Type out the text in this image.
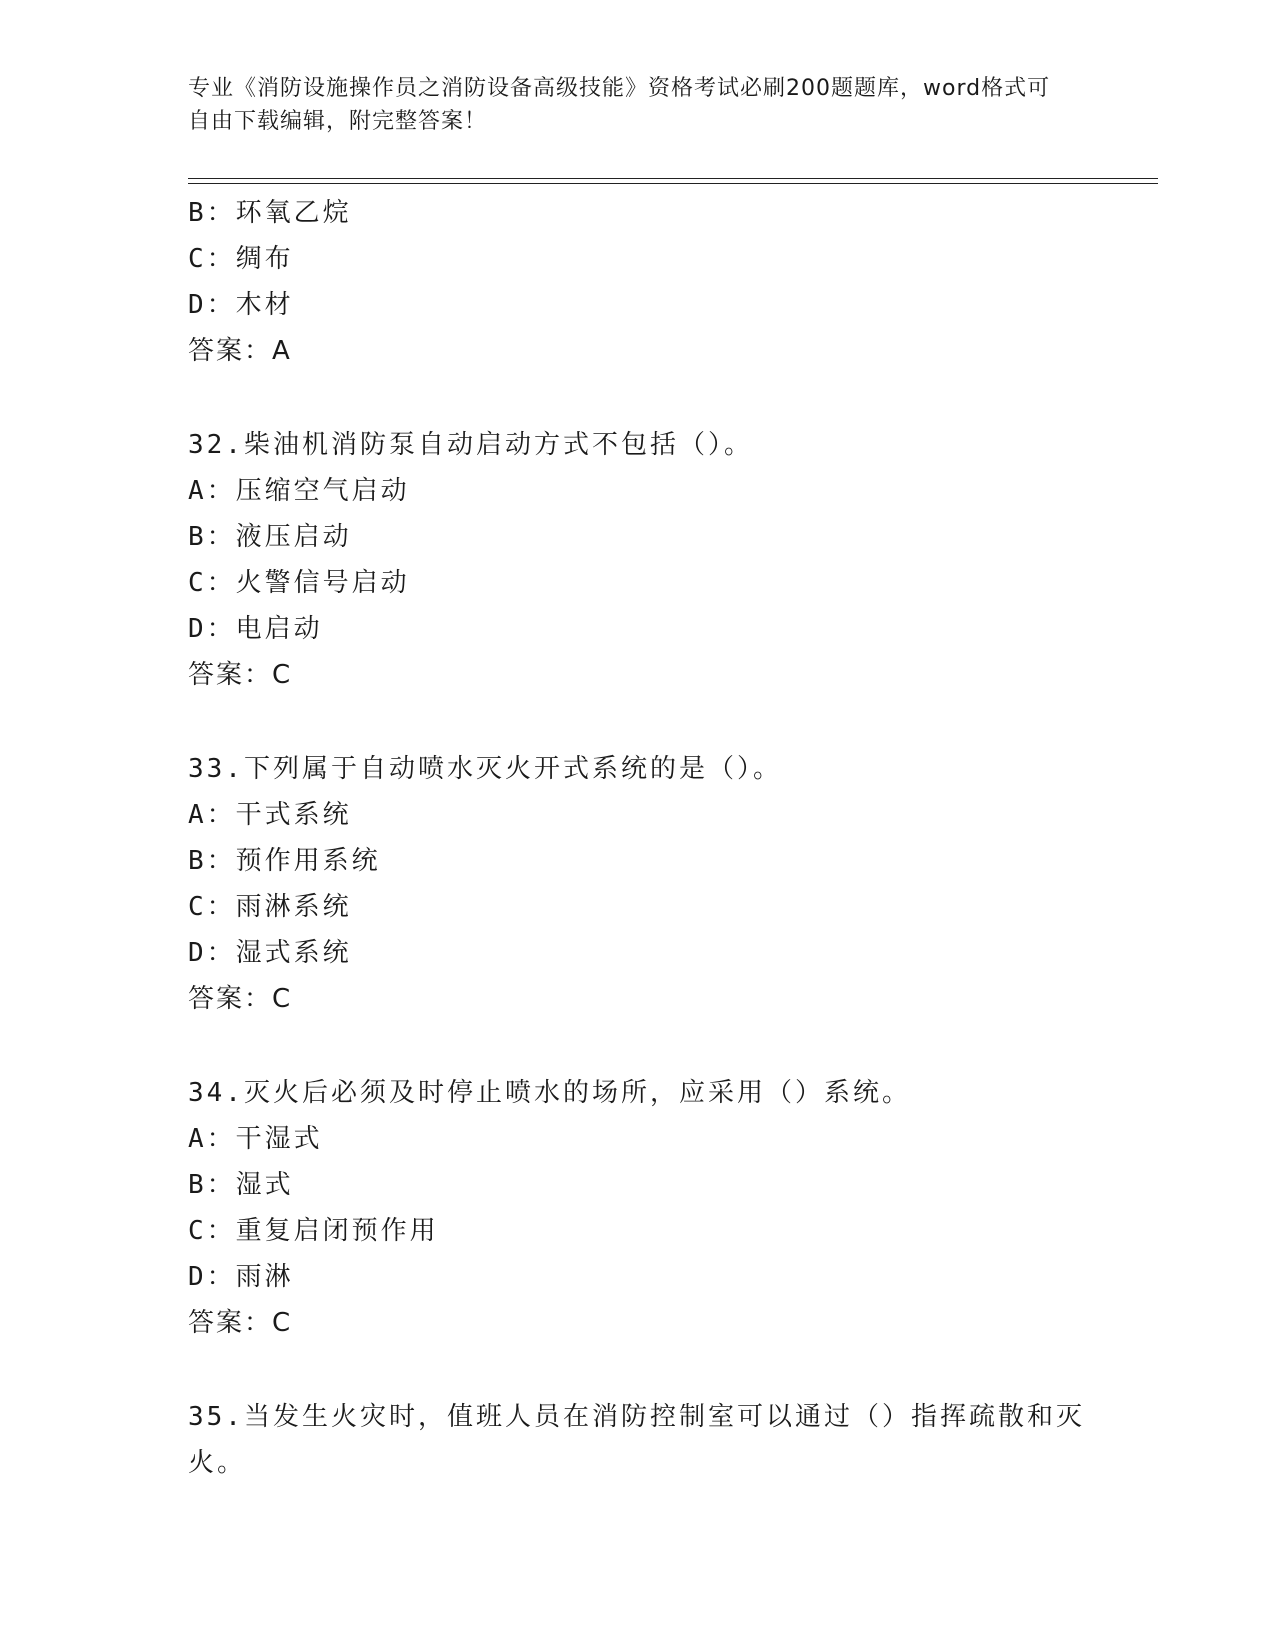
专业《消防设施操作员之消防设备高级技能》资格考试必刷200题题库，word格式可自由下载编辑，附完整答案！
B：环氧乙烷
C：绸布
D：木材
答案：A
32.柴油机消防泵自动启动方式不包括（）。
A：压缩空气启动
B：液压启动
C：火警信号启动
D：电启动
答案：C
33.下列属于自动喷水灭火开式系统的是（）。
A：干式系统
B：预作用系统
C：雨淋系统
D：湿式系统
答案：C
34.灭火后必须及时停止喷水的场所，应采用（）系统。
A：干湿式
B：湿式
C：重复启闭预作用
D：雨淋
答案：C
35.当发生火灾时，值班人员在消防控制室可以通过（）指挥疏散和灭火。
